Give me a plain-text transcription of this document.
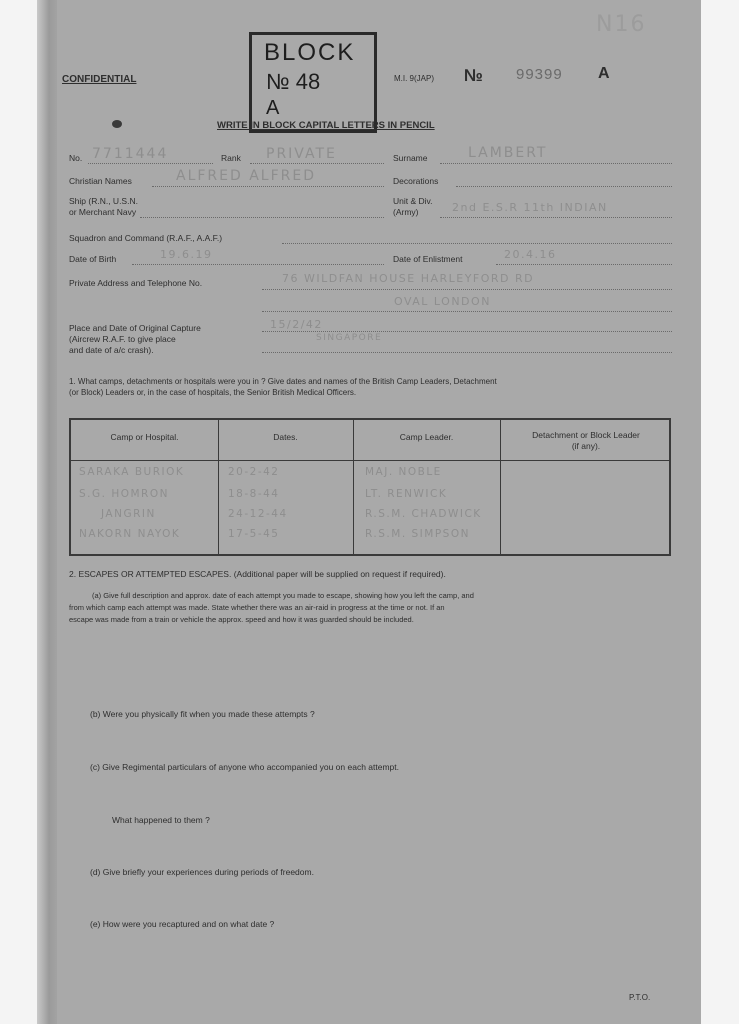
N16
CONFIDENTIAL
BLOCK
№ 48
A
M.I. 9(JAP) № 99399 A
WRITE IN BLOCK CAPITAL LETTERS IN PENCIL
No. 7711444	Rank PRIVATE	Surname	LAMBERT
Christian Names	ALFRED ALFRED	Decorations
Ship (R.N., U.S.N.
or Merchant Navy
Unit & Div.
(Army)	2nd E.S.R 11th INDIAN
Squadron and Command (R.A.F., A.A.F.)
Date of Birth	19.6.19	Date of Enlistment	20.4.16
Private Address and Telephone No.	76 WILDFAN HOUSE HARLEYFORD RD
OVAL LONDON
Place and Date of Original Capture
(Aircrew R.A.F. to give place
and date of a/c crash).
15/2/42
SINGAPORE
1. What camps, detachments or hospitals were you in ? Give dates and names of the British Camp Leaders, Detachment
(or Block) Leaders or, in the case of hospitals, the Senior British Medical Officers.
Camp or Hospital.	Dates.	Camp Leader.	Detachment or Block Leader (if any).
SARAKA BURIOK	20-2-42	MAJ. NOBLE
S.G. HOMRON	18-8-44	LT. RENWICK
JANGRIN	24-12-44	R.S.M. CHADWICK
NAKORN NAYOK	17-5-45	R.S.M. SIMPSON
2. ESCAPES OR ATTEMPTED ESCAPES. (Additional paper will be supplied on request if required).
(a) Give full description and approx. date of each attempt you made to escape, showing how you left the camp, and
from which camp each attempt was made. State whether there was an air-raid in progress at the time or not. If an
escape was made from a train or vehicle the approx. speed and how it was guarded should be included.
(b) Were you physically fit when you made these attempts ?
(c) Give Regimental particulars of anyone who accompanied you on each attempt.
What happened to them ?
(d) Give briefly your experiences during periods of freedom.
(e) How were you recaptured and on what date ?
P.T.O.
